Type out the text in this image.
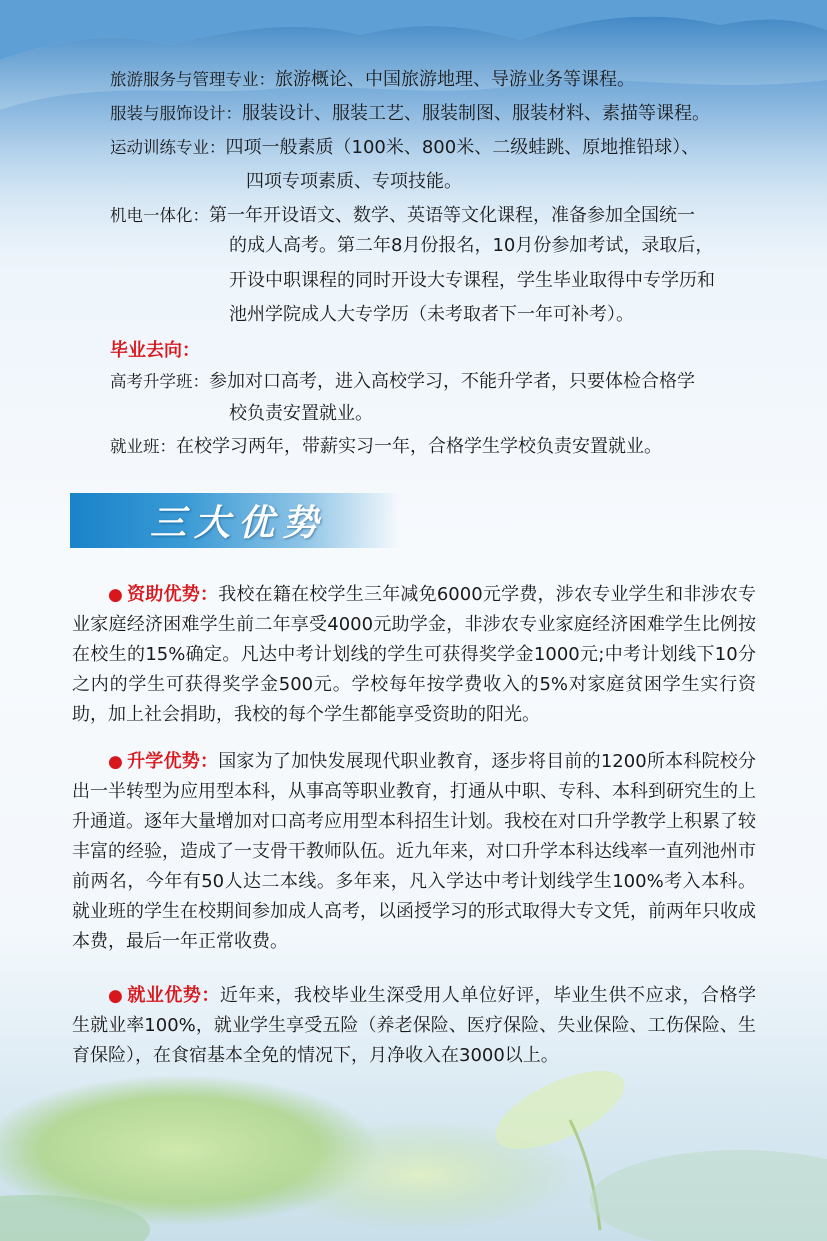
旅游服务与管理专业：旅游概论、中国旅游地理、导游业务等课程。
服装与服饰设计：服装设计、服装工艺、服装制图、服装材料、素描等课程。
运动训练专业：四项一般素质（100米、800米、二级蛙跳、原地推铅球）、
四项专项素质、专项技能。
机电一体化：第一年开设语文、数学、英语等文化课程，准备参加全国统一
的成人高考。第二年8月份报名，10月份参加考试，录取后，
开设中职课程的同时开设大专课程，学生毕业取得中专学历和
池州学院成人大专学历（未考取者下一年可补考）。
毕业去向：
高考升学班：参加对口高考，进入高校学习，不能升学者，只要体检合格学
校负责安置就业。
就业班：在校学习两年，带薪实习一年，合格学生学校负责安置就业。
三大优势
● 资助优势：我校在籍在校学生三年减免6000元学费，涉农专业学生和非涉农专业家庭经济困难学生前二年享受4000元助学金，非涉农专业家庭经济困难学生比例按在校生的15%确定。凡达中考计划线的学生可获得奖学金1000元;中考计划线下10分之内的学生可获得奖学金500元。学校每年按学费收入的5%对家庭贫困学生实行资助，加上社会捐助，我校的每个学生都能享受资助的阳光。
● 升学优势：国家为了加快发展现代职业教育，逐步将目前的1200所本科院校分出一半转型为应用型本科，从事高等职业教育，打通从中职、专科、本科到研究生的上升通道。逐年大量增加对口高考应用型本科招生计划。我校在对口升学教学上积累了较丰富的经验，造成了一支骨干教师队伍。近九年来，对口升学本科达线率一直列池州市前两名，今年有50人达二本线。多年来，凡入学达中考计划线学生100%考入本科。就业班的学生在校期间参加成人高考，以函授学习的形式取得大专文凭，前两年只收成本费，最后一年正常收费。
● 就业优势：近年来，我校毕业生深受用人单位好评，毕业生供不应求，合格学生就业率100%，就业学生享受五险（养老保险、医疗保险、失业保险、工伤保险、生育保险），在食宿基本全免的情况下，月净收入在3000以上。
